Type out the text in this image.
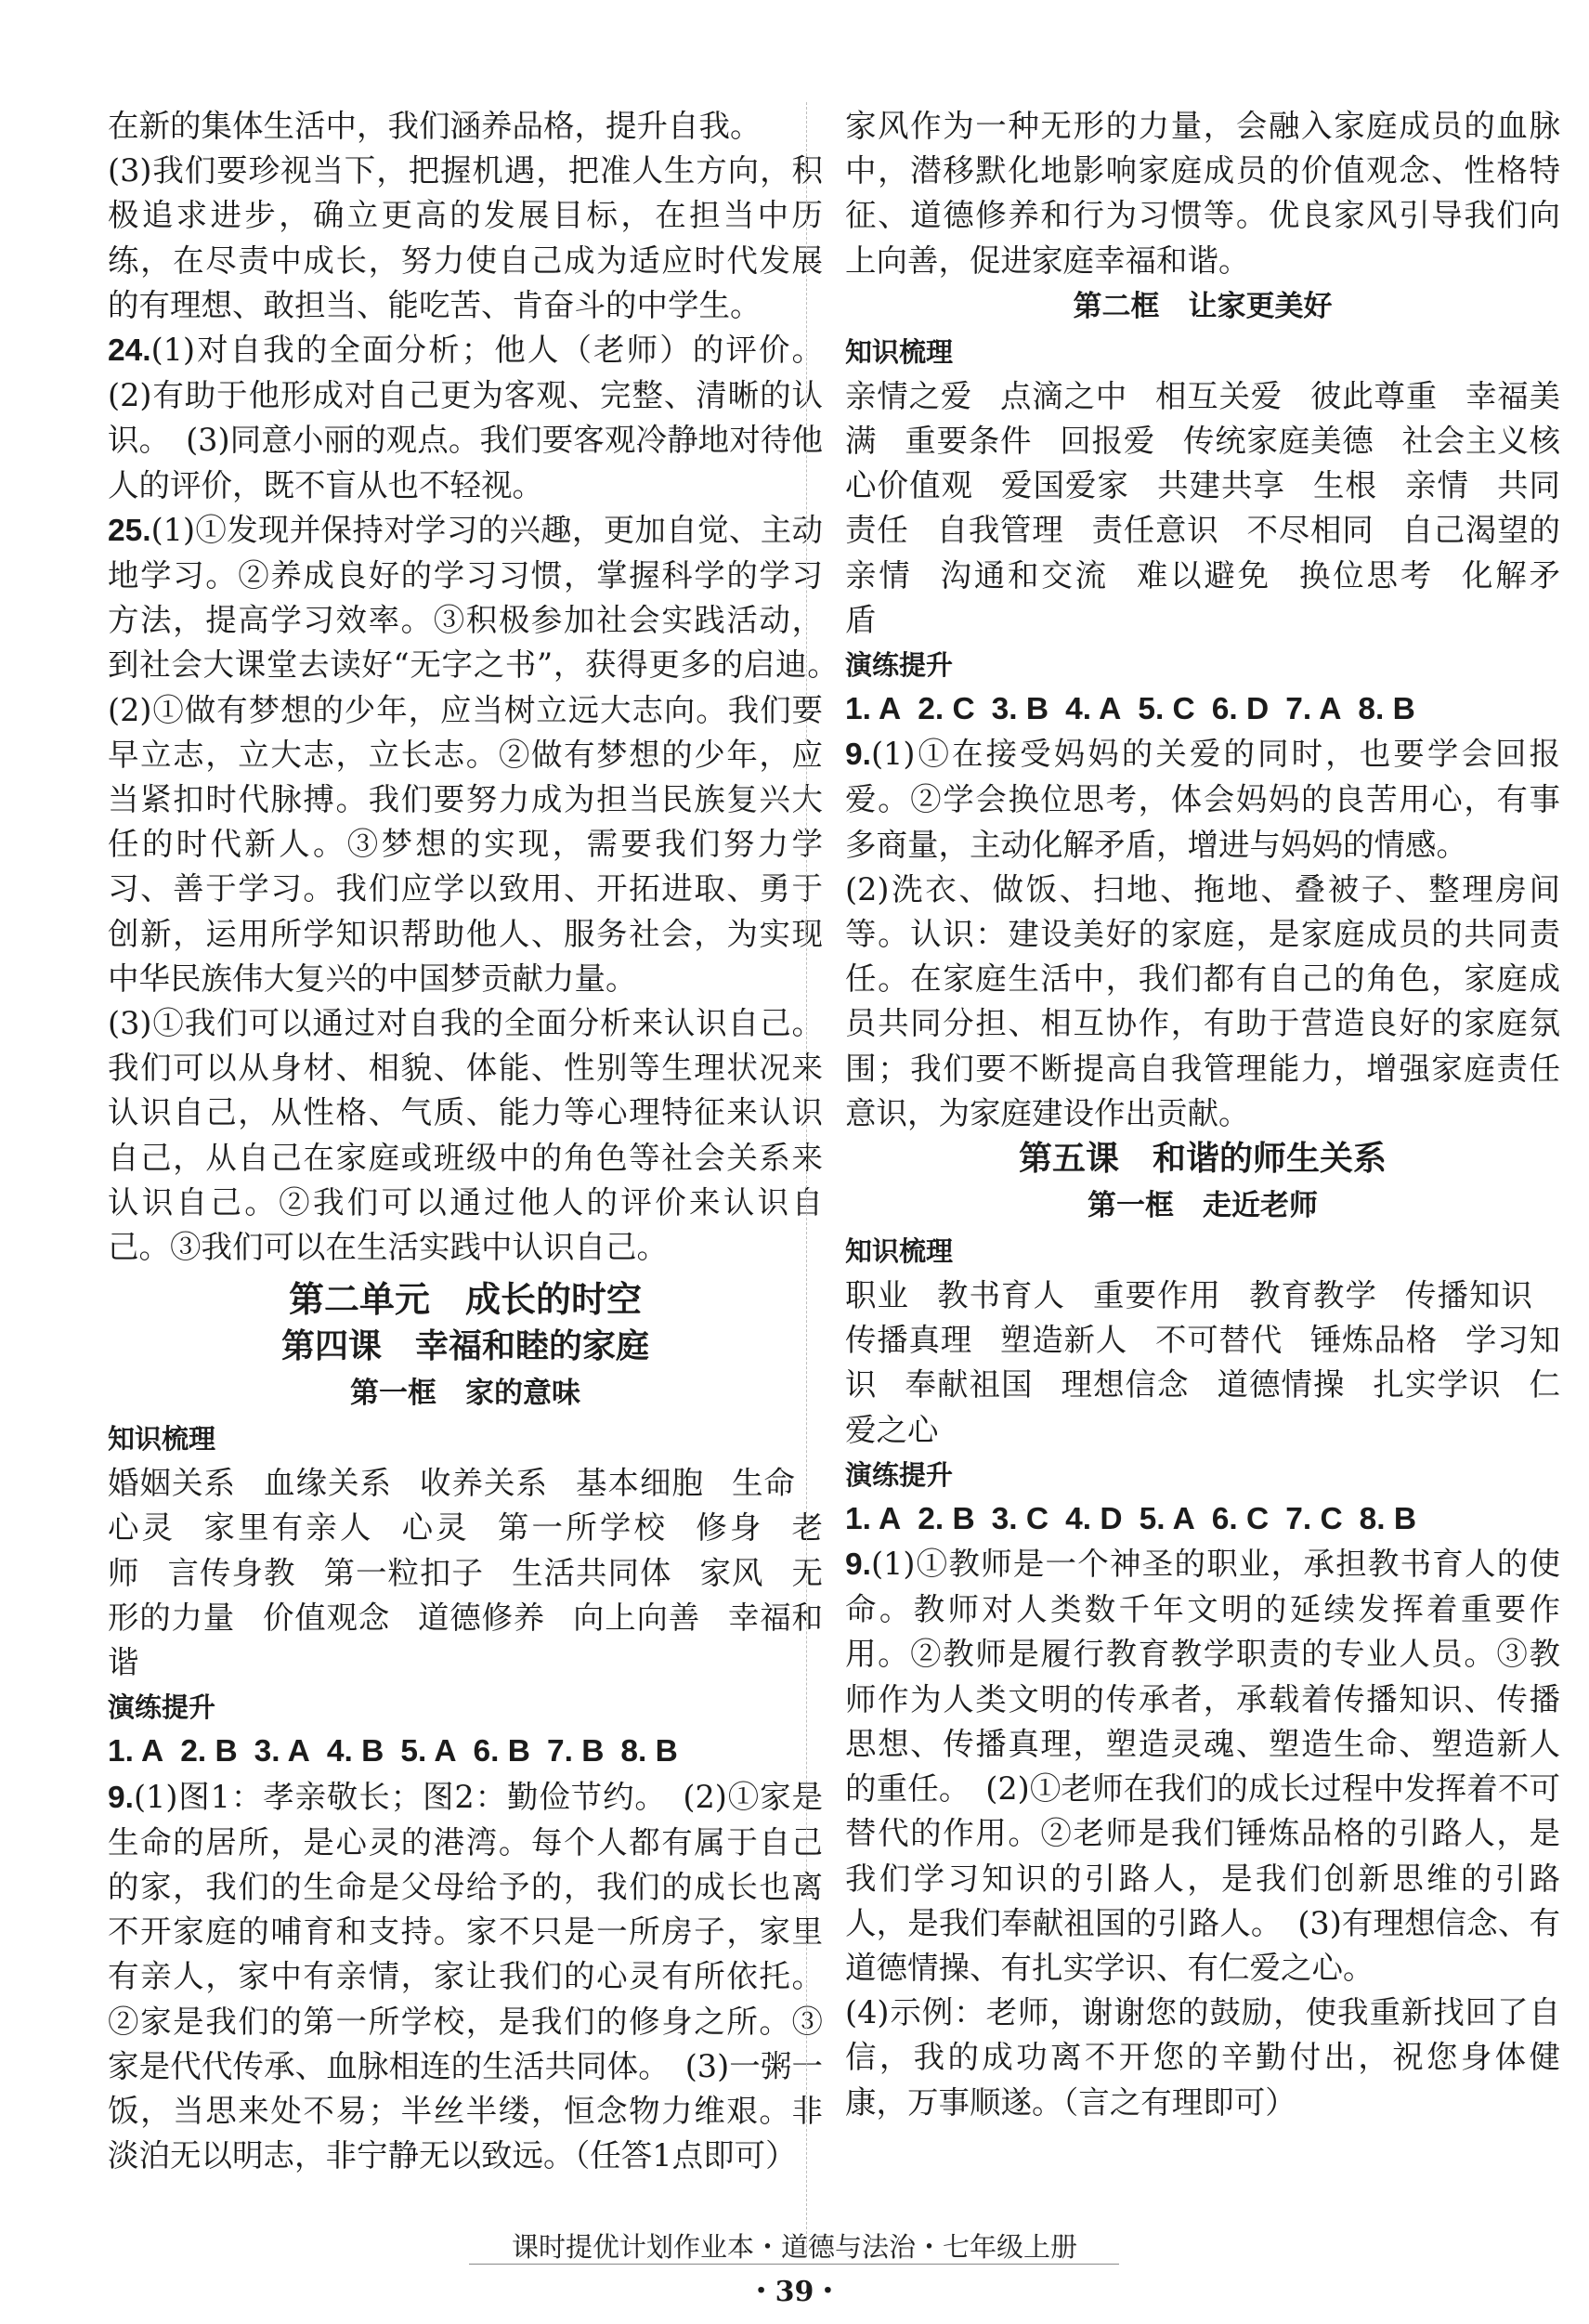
在新的集体生活中，我们涵养品格，提升自我。

(3)我们要珍视当下，把握机遇，把准人生方向，积极追求进步，确立更高的发展目标，在担当中历练，在尽责中成长，努力使自己成为适应时代发展的有理想、敢担当、能吃苦、肯奋斗的中学生。

24.(1)对自我的全面分析；他人（老师）的评价。(2)有助于他形成对自己更为客观、完整、清晰的认识。　(3)同意小丽的观点。我们要客观冷静地对待他人的评价，既不盲从也不轻视。

25.(1)①发现并保持对学习的兴趣，更加自觉、主动地学习。②养成良好的学习习惯，掌握科学的学习方法，提高学习效率。③积极参加社会实践活动，到社会大课堂去读好“无字之书”，获得更多的启迪。　(2)①做有梦想的少年，应当树立远大志向。我们要早立志，立大志，立长志。②做有梦想的少年，应当紧扣时代脉搏。我们要努力成为担当民族复兴大任的时代新人。③梦想的实现，需要我们努力学习、善于学习。我们应学以致用、开拓进取、勇于创新，运用所学知识帮助他人、服务社会，为实现中华民族伟大复兴的中国梦贡献力量。

(3)①我们可以通过对自我的全面分析来认识自己。我们可以从身材、相貌、体能、性别等生理状况来认识自己，从性格、气质、能力等心理特征来认识自己，从自己在家庭或班级中的角色等社会关系来认识自己。②我们可以通过他人的评价来认识自己。③我们可以在生活实践中认识自己。

第二单元　成长的时空
第四课　幸福和睦的家庭
第一框　家的意味
知识梳理

婚姻关系 血缘关系 收养关系 基本细胞 生命心灵 家里有亲人 心灵 第一所学校 修身 老师 言传身教 第一粒扣子 生活共同体 家风 无形的力量 价值观念 道德修养 向上向善 幸福和谐

演练提升

1. A 2. B 3. A 4. B 5. A 6. B 7. B 8. B

9.(1)图1：孝亲敬长；图2：勤俭节约。　(2)①家是生命的居所，是心灵的港湾。每个人都有属于自己的家，我们的生命是父母给予的，我们的成长也离不开家庭的哺育和支持。家不只是一所房子，家里有亲人，家中有亲情，家让我们的心灵有所依托。②家是我们的第一所学校，是我们的修身之所。③家是代代传承、血脉相连的生活共同体。　(3)一粥一饭，当思来处不易；半丝半缕，恒念物力维艰。非淡泊无以明志，非宁静无以致远。（任答1点即可）

家风作为一种无形的力量，会融入家庭成员的血脉中，潜移默化地影响家庭成员的价值观念、性格特征、道德修养和行为习惯等。优良家风引导我们向上向善，促进家庭幸福和谐。

第二框　让家更美好
知识梳理

亲情之爱 点滴之中 相互关爱 彼此尊重 幸福美满 重要条件 回报爱 传统家庭美德 社会主义核心价值观 爱国爱家 共建共享 生根 亲情 共同责任 自我管理 责任意识 不尽相同 自己渴望的亲情 沟通和交流 难以避免 换位思考 化解矛盾

演练提升

1. A 2. C 3. B 4. A 5. C 6. D 7. A 8. B

9.(1)①在接受妈妈的关爱的同时，也要学会回报爱。②学会换位思考，体会妈妈的良苦用心，有事多商量，主动化解矛盾，增进与妈妈的情感。

(2)洗衣、做饭、扫地、拖地、叠被子、整理房间等。认识：建设美好的家庭，是家庭成员的共同责任。在家庭生活中，我们都有自己的角色，家庭成员共同分担、相互协作，有助于营造良好的家庭氛围；我们要不断提高自我管理能力，增强家庭责任意识，为家庭建设作出贡献。

第五课　和谐的师生关系
第一框　走近老师
知识梳理

职业 教书育人 重要作用 教育教学 传播知识传播真理 塑造新人 不可替代 锤炼品格 学习知识 奉献祖国 理想信念 道德情操 扎实学识 仁爱之心

演练提升

1. A 2. B 3. C 4. D 5. A 6. C 7. C 8. B

9.(1)①教师是一个神圣的职业，承担教书育人的使命。教师对人类数千年文明的延续发挥着重要作用。②教师是履行教育教学职责的专业人员。③教师作为人类文明的传承者，承载着传播知识、传播思想、传播真理，塑造灵魂、塑造生命、塑造新人的重任。　(2)①老师在我们的成长过程中发挥着不可替代的作用。②老师是我们锤炼品格的引路人，是我们学习知识的引路人，是我们创新思维的引路人，是我们奉献祖国的引路人。　(3)有理想信念、有道德情操、有扎实学识、有仁爱之心。

(4)示例：老师，谢谢您的鼓励，使我重新找回了自信，我的成功离不开您的辛勤付出，祝您身体健康，万事顺遂。（言之有理即可）

课时提优计划作业本・道德与法治・七年级上册
・39・
